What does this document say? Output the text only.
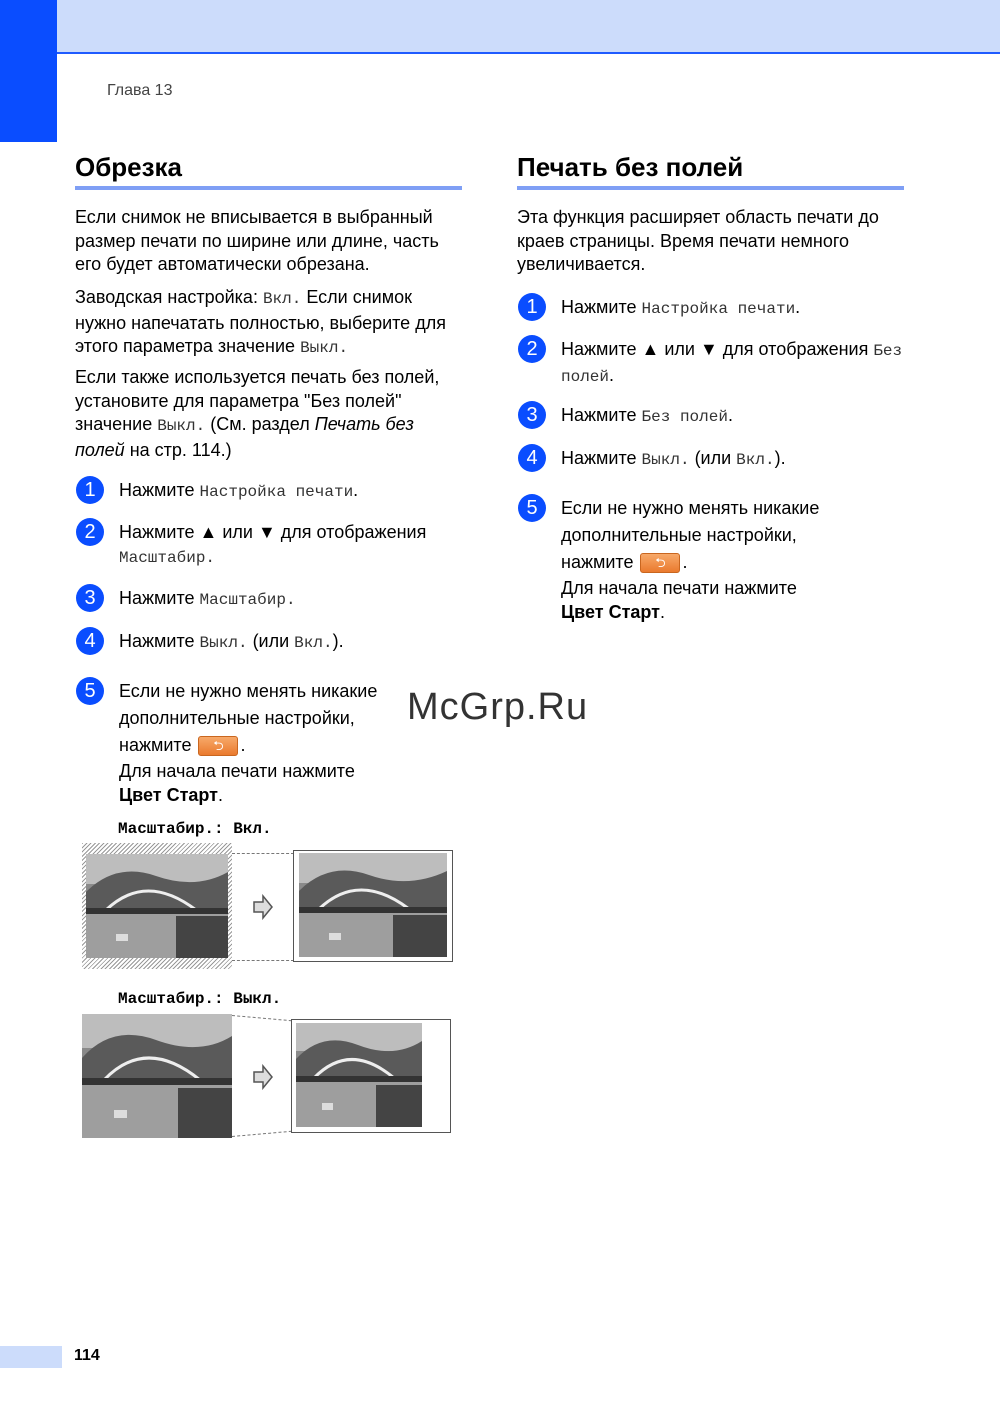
Глава 13
Обрезка

Если снимок не вписывается в выбранный размер печати по ширине или длине, часть его будет автоматически обрезана.

Заводская настройка: Вкл. Если снимок нужно напечатать полностью, выберите для этого параметра значение Выкл.

Если также используется печать без полей, установите для параметра "Без полей" значение Выкл. (См. раздел Печать без полей на стр. 114.)

1	Нажмите Настройка печати.
2	Нажмите ▲ или ▼ для отображения Масштабир.
3	Нажмите Масштабир.
4	Нажмите Выкл. (или Вкл.).
5	Если не нужно менять никакие дополнительные настройки, нажмите ⮌ .
Для начала печати нажмите
Цвет Старт.
Масштабир.: Вкл.
Масштабир.: Выкл.
Печать без полей

Эта функция расширяет область печати до краев страницы. Время печати немного увеличивается.

1	Нажмите Настройка печати.
2	Нажмите ▲ или ▼ для отображения Без полей.
3	Нажмите Без полей.
4	Нажмите Выкл. (или Вкл.).
5	Если не нужно менять никакие дополнительные настройки, нажмите ⮌ .
Для начала печати нажмите
Цвет Старт.
McGrp.Ru
114
